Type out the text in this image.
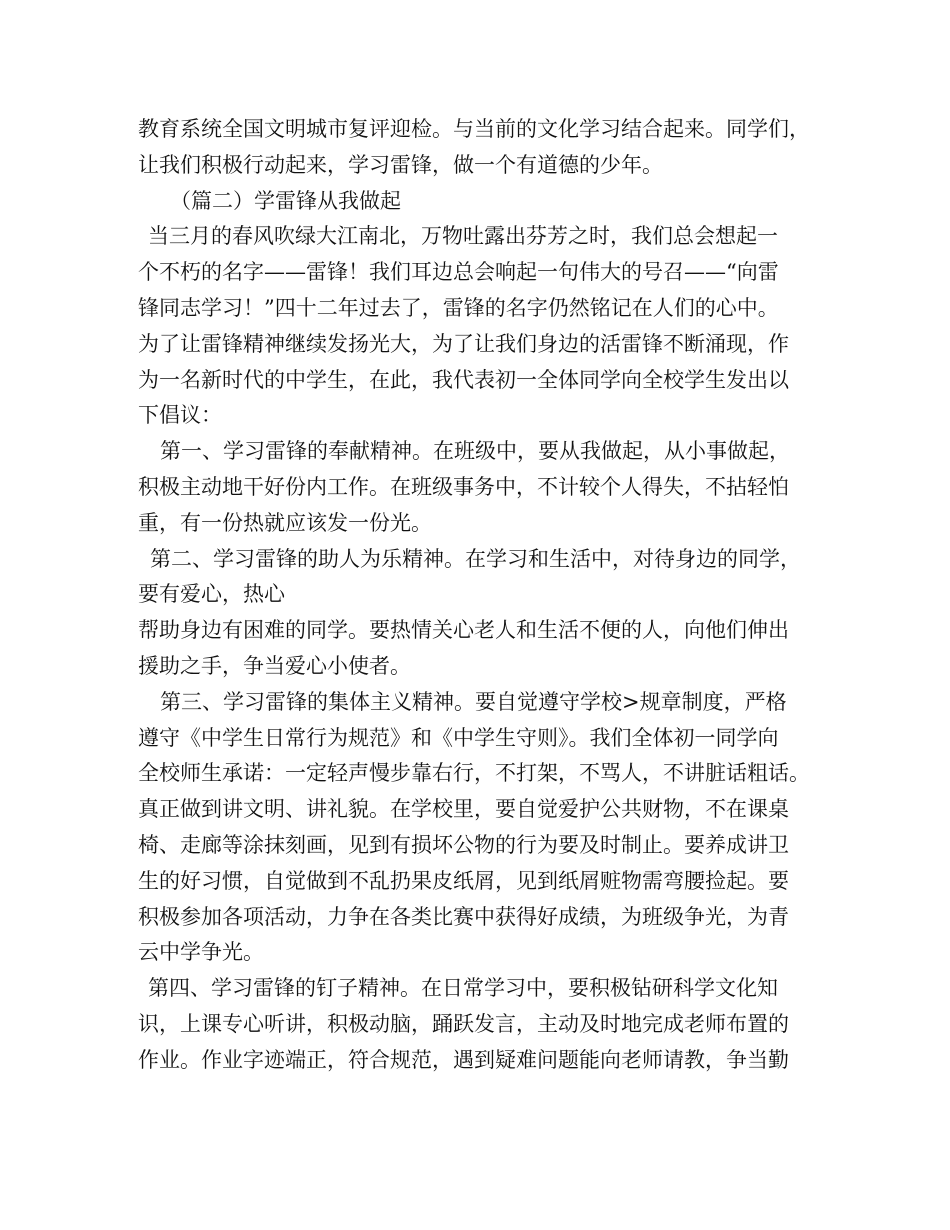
教育系统全国文明城市复评迎检。与当前的文化学习结合起来。同学们，
让我们积极行动起来，学习雷锋，做一个有道德的少年。
（篇二）学雷锋从我做起
当三月的春风吹绿大江南北，万物吐露出芬芳之时，我们总会想起一
个不朽的名字——雷锋！我们耳边总会响起一句伟大的号召——“向雷
锋同志学习！”四十二年过去了，雷锋的名字仍然铭记在人们的心中。
为了让雷锋精神继续发扬光大，为了让我们身边的活雷锋不断涌现，作
为一名新时代的中学生，在此，我代表初一全体同学向全校学生发出以
下倡议：
第一、学习雷锋的奉献精神。在班级中，要从我做起，从小事做起，
积极主动地干好份内工作。在班级事务中，不计较个人得失，不拈轻怕
重，有一份热就应该发一份光。
第二、学习雷锋的助人为乐精神。在学习和生活中，对待身边的同学，
要有爱心，热心
帮助身边有困难的同学。要热情关心老人和生活不便的人，向他们伸出
援助之手，争当爱心小使者。
第三、学习雷锋的集体主义精神。要自觉遵守学校>规章制度，严格
遵守《中学生日常行为规范》和《中学生守则》。我们全体初一同学向
全校师生承诺：一定轻声慢步靠右行，不打架，不骂人，不讲脏话粗话。
真正做到讲文明、讲礼貌。在学校里，要自觉爱护公共财物，不在课桌
椅、走廊等涂抹刻画，见到有损坏公物的行为要及时制止。要养成讲卫
生的好习惯，自觉做到不乱扔果皮纸屑，见到纸屑赃物需弯腰捡起。要
积极参加各项活动，力争在各类比赛中获得好成绩，为班级争光，为青
云中学争光。
第四、学习雷锋的钉子精神。在日常学习中，要积极钻研科学文化知
识，上课专心听讲，积极动脑，踊跃发言，主动及时地完成老师布置的
作业。作业字迹端正，符合规范，遇到疑难问题能向老师请教，争当勤
